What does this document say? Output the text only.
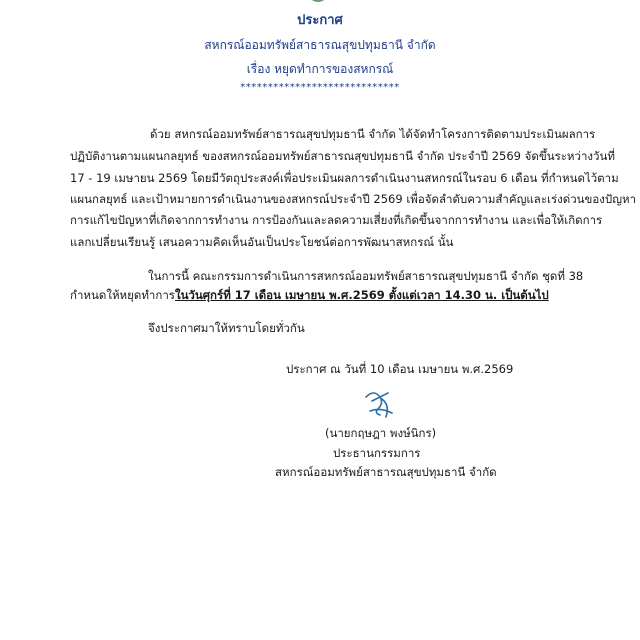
ประกาศ

สหกรณ์ออมทรัพย์สาธารณสุขปทุมธานี จำกัด

เรื่อง หยุดทำการของสหกรณ์

*****************************

ด้วย สหกรณ์ออมทรัพย์สาธารณสุขปทุมธานี จำกัด ได้จัดทำโครงการติดตามประเมินผลการ

ปฏิบัติงานตามแผนกลยุทธ์ ของสหกรณ์ออมทรัพย์สาธารณสุขปทุมธานี จำกัด ประจำปี 2569 จัดขึ้นระหว่างวันที่

17 - 19 เมษายน 2569 โดยมีวัตถุประสงค์เพื่อประเมินผลการดำเนินงานสหกรณ์ในรอบ 6 เดือน ที่กำหนดไว้ตาม

แผนกลยุทธ์ และเป้าหมายการดำเนินงานของสหกรณ์ประจำปี 2569 เพื่อจัดลำดับความสำคัญและเร่งด่วนของปัญหา

การแก้ไขปัญหาที่เกิดจากการทำงาน การป้องกันและลดความเสี่ยงที่เกิดขึ้นจากการทำงาน และเพื่อให้เกิดการ

แลกเปลี่ยนเรียนรู้ เสนอความคิดเห็นอันเป็นประโยชน์ต่อการพัฒนาสหกรณ์ นั้น

ในการนี้ คณะกรรมการดำเนินการสหกรณ์ออมทรัพย์สาธารณสุขปทุมธานี จำกัด ชุดที่ 38

กำหนดให้หยุดทำการในวันศุกร์ที่ 17 เดือน เมษายน พ.ศ.2569 ตั้งแต่เวลา 14.30 น. เป็นต้นไป

จึงประกาศมาให้ทราบโดยทั่วกัน

ประกาศ ณ วันที่ 10 เดือน เมษายน พ.ศ.2569

(นายกฤษฎา พงษ์นิกร)

ประธานกรรมการ

สหกรณ์ออมทรัพย์สาธารณสุขปทุมธานี จำกัด
